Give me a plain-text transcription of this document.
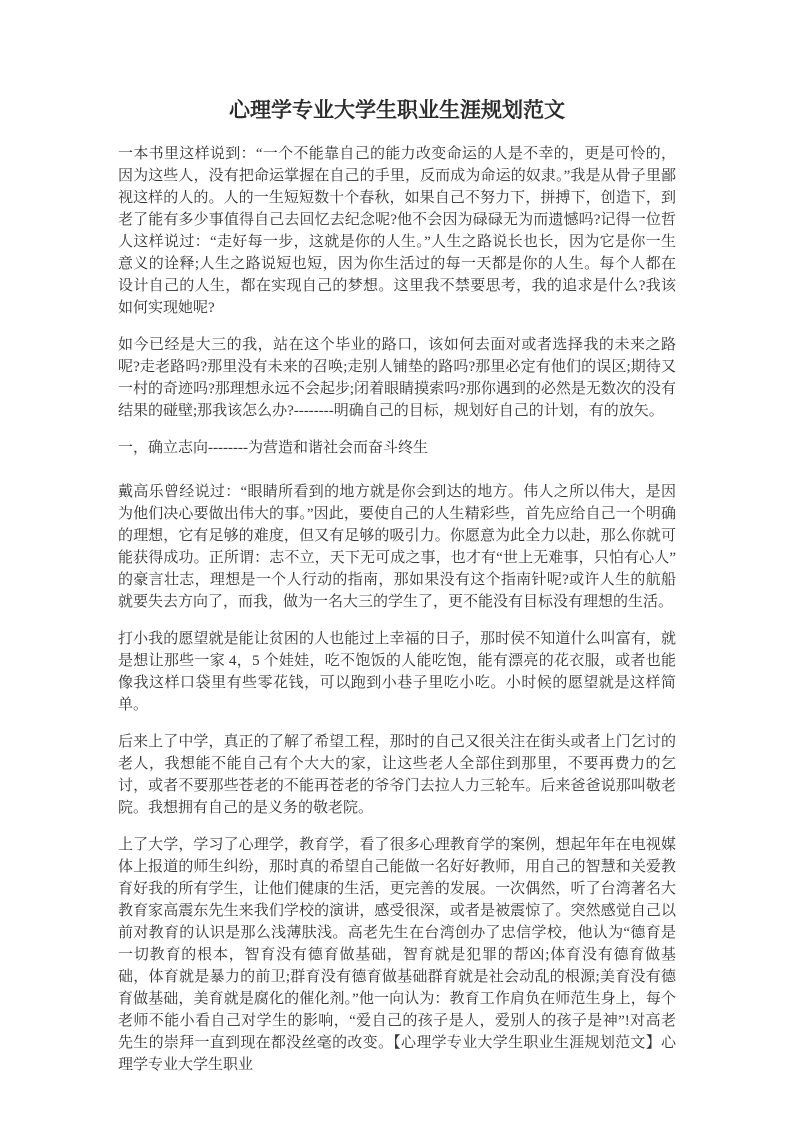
心理学专业大学生职业生涯规划范文

一本书里这样说到：“一个不能靠自己的能力改变命运的人是不幸的，更是可怜的，因为这些人，没有把命运掌握在自己的手里，反而成为命运的奴隶。”我是从骨子里鄙视这样的人的。人的一生短短数十个春秋，如果自己不努力下，拼搏下，创造下，到老了能有多少事值得自己去回忆去纪念呢?他不会因为碌碌无为而遗憾吗?记得一位哲人这样说过：“走好每一步，这就是你的人生。”人生之路说长也长，因为它是你一生意义的诠释;人生之路说短也短，因为你生活过的每一天都是你的人生。每个人都在设计自己的人生，都在实现自己的梦想。这里我不禁要思考，我的追求是什么?我该如何实现她呢?

如今已经是大三的我，站在这个毕业的路口，该如何去面对或者选择我的未来之路呢?走老路吗?那里没有未来的召唤;走别人铺垫的路吗?那里必定有他们的误区;期待又一村的奇迹吗?那理想永远不会起步;闭着眼睛摸索吗?那你遇到的必然是无数次的没有结果的碰壁;那我该怎么办?--------明确自己的目标，规划好自己的计划，有的放矢。

一，确立志向--------为营造和谐社会而奋斗终生

戴高乐曾经说过：“眼睛所看到的地方就是你会到达的地方。伟人之所以伟大，是因为他们决心要做出伟大的事。”因此，要使自己的人生精彩些，首先应给自己一个明确的理想，它有足够的难度，但又有足够的吸引力。你愿意为此全力以赴，那么你就可能获得成功。正所谓：志不立，天下无可成之事，也才有“世上无难事，只怕有心人”的豪言壮志，理想是一个人行动的指南，那如果没有这个指南针呢?或许人生的航船就要失去方向了，而我，做为一名大三的学生了，更不能没有目标没有理想的生活。

打小我的愿望就是能让贫困的人也能过上幸福的日子，那时侯不知道什么叫富有，就是想让那些一家 4，5 个娃娃，吃不饱饭的人能吃饱，能有漂亮的花衣服，或者也能像我这样口袋里有些零花钱，可以跑到小巷子里吃小吃。小时候的愿望就是这样简单。

后来上了中学，真正的了解了希望工程，那时的自己又很关注在街头或者上门乞讨的老人，我想能不能自己有个大大的家，让这些老人全部住到那里，不要再费力的乞讨，或者不要那些苍老的不能再苍老的爷爷门去拉人力三轮车。后来爸爸说那叫敬老院。我想拥有自己的是义务的敬老院。

上了大学，学习了心理学，教育学，看了很多心理教育学的案例，想起年年在电视媒体上报道的师生纠纷，那时真的希望自己能做一名好好教师，用自己的智慧和关爱教育好我的所有学生，让他们健康的生活，更完善的发展。一次偶然，听了台湾著名大教育家高震东先生来我们学校的演讲，感受很深，或者是被震惊了。突然感觉自己以前对教育的认识是那么浅薄肤浅。高老先生在台湾创办了忠信学校，他认为“德育是一切教育的根本，智育没有德育做基础，智育就是犯罪的帮凶;体育没有德育做基础，体育就是暴力的前卫;群育没有德育做基础群育就是社会动乱的根源;美育没有德育做基础，美育就是腐化的催化剂。”他一向认为：教育工作肩负在师范生身上，每个老师不能小看自己对学生的影响，“爱自己的孩子是人，爱别人的孩子是神”!对高老先生的崇拜一直到现在都没丝毫的改变。【心理学专业大学生职业生涯规划范文】心理学专业大学生职业
